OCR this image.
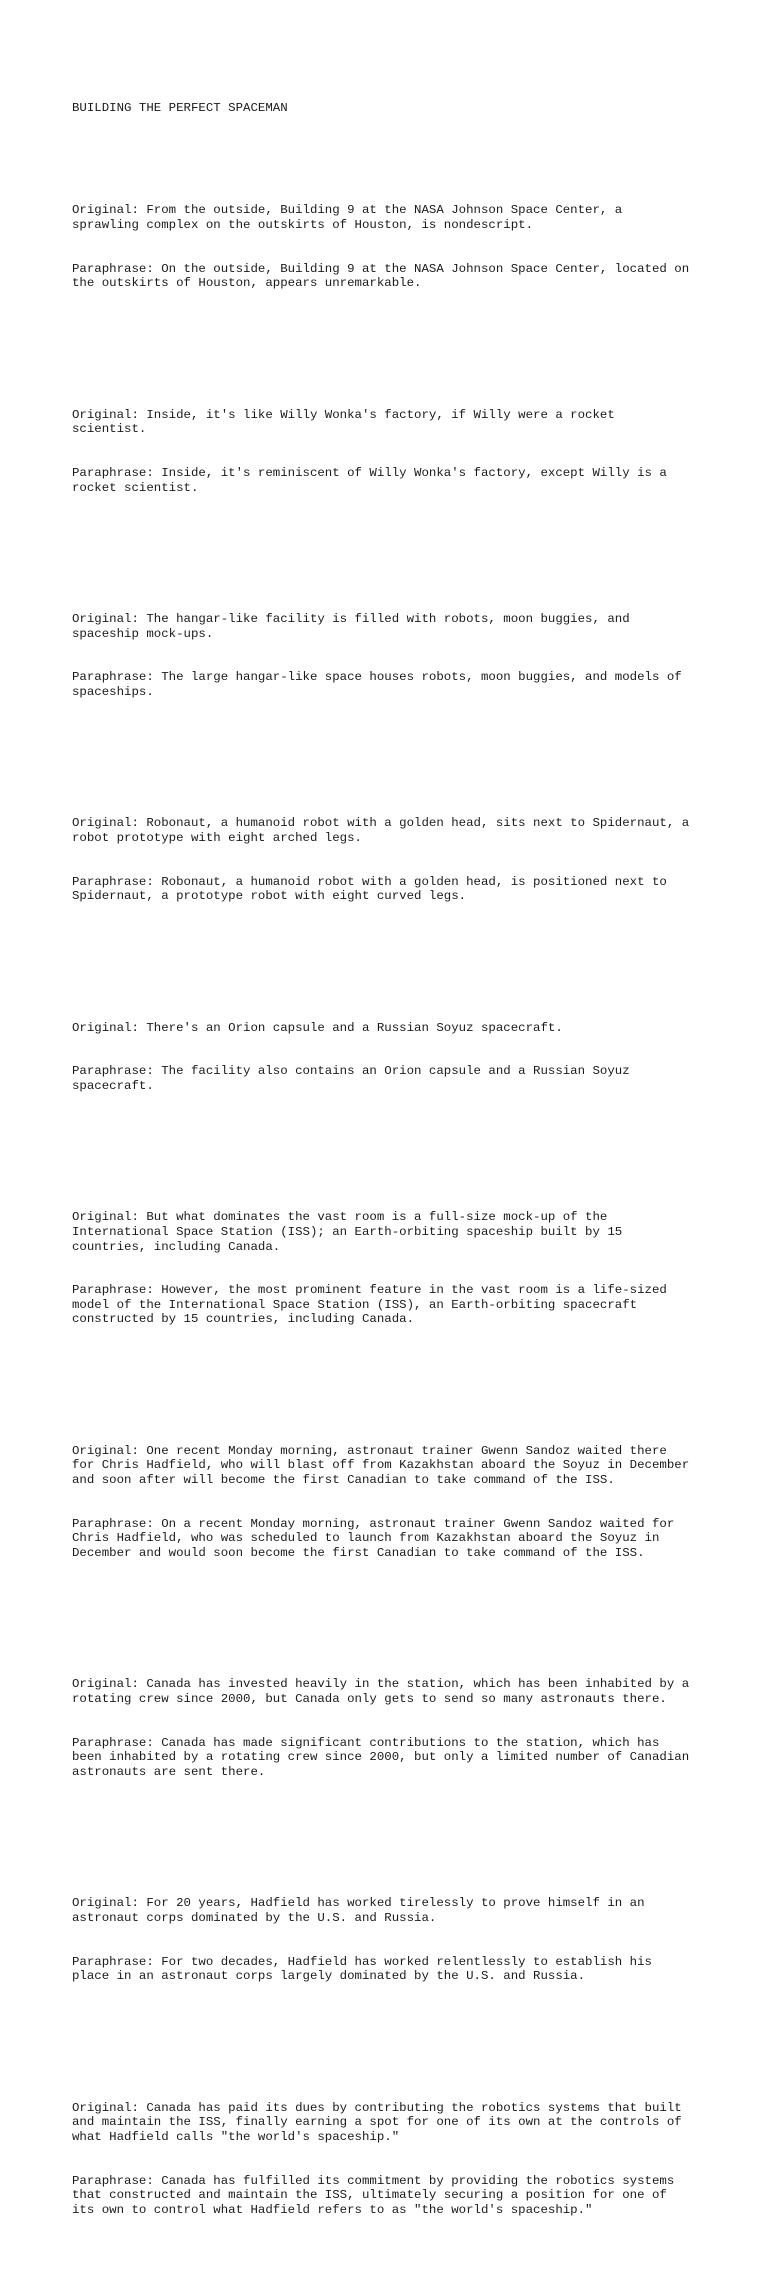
BUILDING THE PERFECT SPACEMAN

Original: From the outside, Building 9 at the NASA Johnson Space Center, a
sprawling complex on the outskirts of Houston, is nondescript.

Paraphrase: On the outside, Building 9 at the NASA Johnson Space Center, located on
the outskirts of Houston, appears unremarkable.

Original: Inside, it's like Willy Wonka's factory, if Willy were a rocket
scientist.

Paraphrase: Inside, it's reminiscent of Willy Wonka's factory, except Willy is a
rocket scientist.

Original: The hangar-like facility is filled with robots, moon buggies, and
spaceship mock-ups.

Paraphrase: The large hangar-like space houses robots, moon buggies, and models of
spaceships.

Original: Robonaut, a humanoid robot with a golden head, sits next to Spidernaut, a
robot prototype with eight arched legs.

Paraphrase: Robonaut, a humanoid robot with a golden head, is positioned next to
Spidernaut, a prototype robot with eight curved legs.

Original: There's an Orion capsule and a Russian Soyuz spacecraft.

Paraphrase: The facility also contains an Orion capsule and a Russian Soyuz
spacecraft.

Original: But what dominates the vast room is a full-size mock-up of the
International Space Station (ISS); an Earth-orbiting spaceship built by 15
countries, including Canada.

Paraphrase: However, the most prominent feature in the vast room is a life-sized
model of the International Space Station (ISS), an Earth-orbiting spacecraft
constructed by 15 countries, including Canada.

Original: One recent Monday morning, astronaut trainer Gwenn Sandoz waited there
for Chris Hadfield, who will blast off from Kazakhstan aboard the Soyuz in December
and soon after will become the first Canadian to take command of the ISS.

Paraphrase: On a recent Monday morning, astronaut trainer Gwenn Sandoz waited for
Chris Hadfield, who was scheduled to launch from Kazakhstan aboard the Soyuz in
December and would soon become the first Canadian to take command of the ISS.

Original: Canada has invested heavily in the station, which has been inhabited by a
rotating crew since 2000, but Canada only gets to send so many astronauts there.

Paraphrase: Canada has made significant contributions to the station, which has
been inhabited by a rotating crew since 2000, but only a limited number of Canadian
astronauts are sent there.

Original: For 20 years, Hadfield has worked tirelessly to prove himself in an
astronaut corps dominated by the U.S. and Russia.

Paraphrase: For two decades, Hadfield has worked relentlessly to establish his
place in an astronaut corps largely dominated by the U.S. and Russia.

Original: Canada has paid its dues by contributing the robotics systems that built
and maintain the ISS, finally earning a spot for one of its own at the controls of
what Hadfield calls "the world's spaceship."

Paraphrase: Canada has fulfilled its commitment by providing the robotics systems
that constructed and maintain the ISS, ultimately securing a position for one of
its own to control what Hadfield refers to as "the world's spaceship."
